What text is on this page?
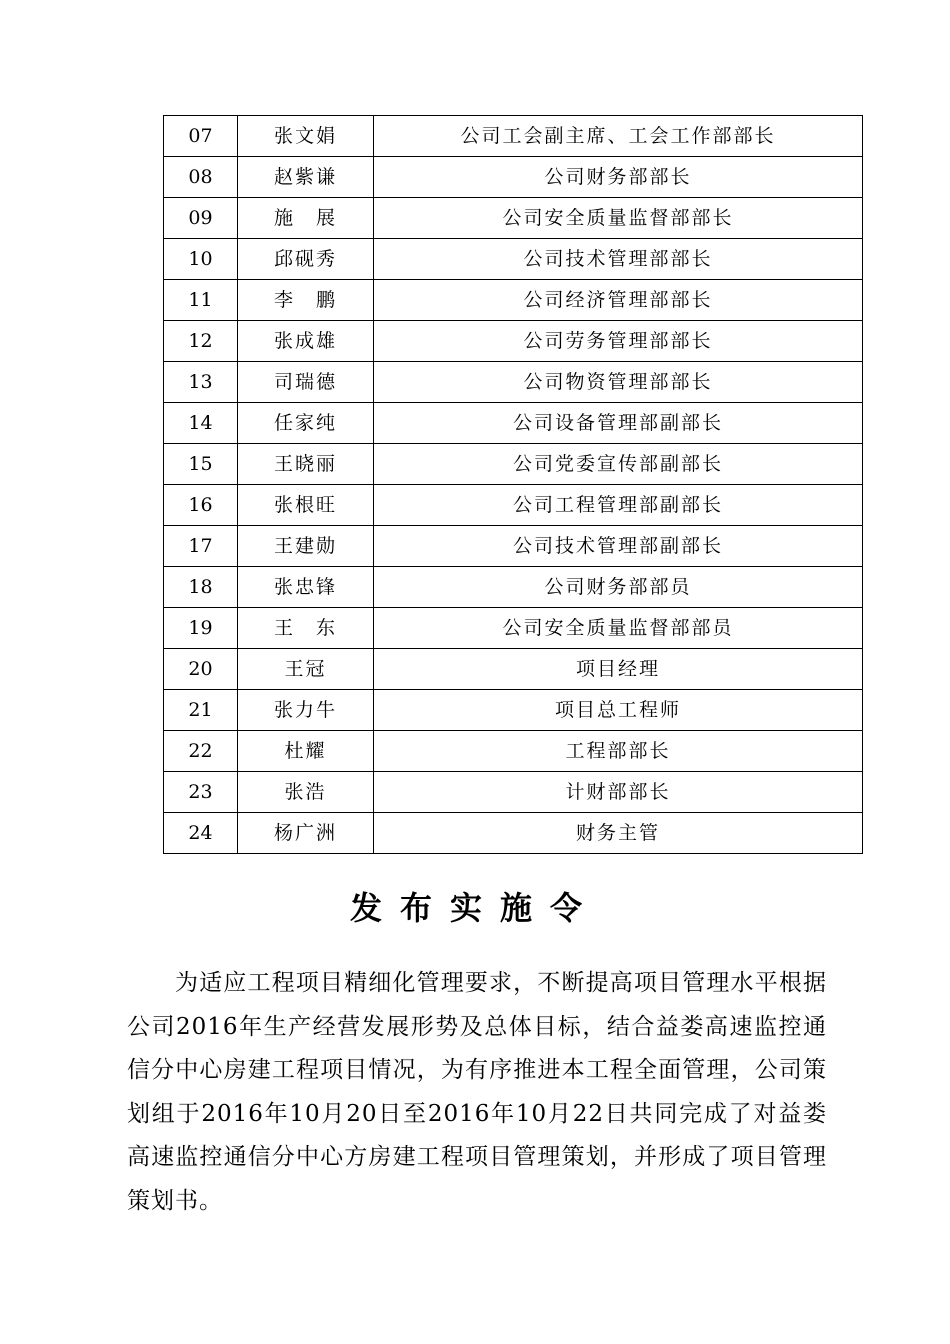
07	张文娟	公司工会副主席、工会工作部部长
08	赵紫谦	公司财务部部长
09	施　展	公司安全质量监督部部长
10	邱砚秀	公司技术管理部部长
11	李　鹏	公司经济管理部部长
12	张成雄	公司劳务管理部部长
13	司瑞德	公司物资管理部部长
14	任家纯	公司设备管理部副部长
15	王晓丽	公司党委宣传部副部长
16	张根旺	公司工程管理部副部长
17	王建勋	公司技术管理部副部长
18	张忠锋	公司财务部部员
19	王　东	公司安全质量监督部部员
20	王冠	项目经理
21	张力牛	项目总工程师
22	杜耀	工程部部长
23	张浩	计财部部长
24	杨广洲	财务主管
发布实施令
为适应工程项目精细化管理要求，不断提高项目管理水平根据公司2016年生产经营发展形势及总体目标，结合益娄高速监控通信分中心房建工程项目情况，为有序推进本工程全面管理，公司策划组于2016年10月20日至2016年10月22日共同完成了对益娄高速监控通信分中心方房建工程项目管理策划，并形成了项目管理策划书。
